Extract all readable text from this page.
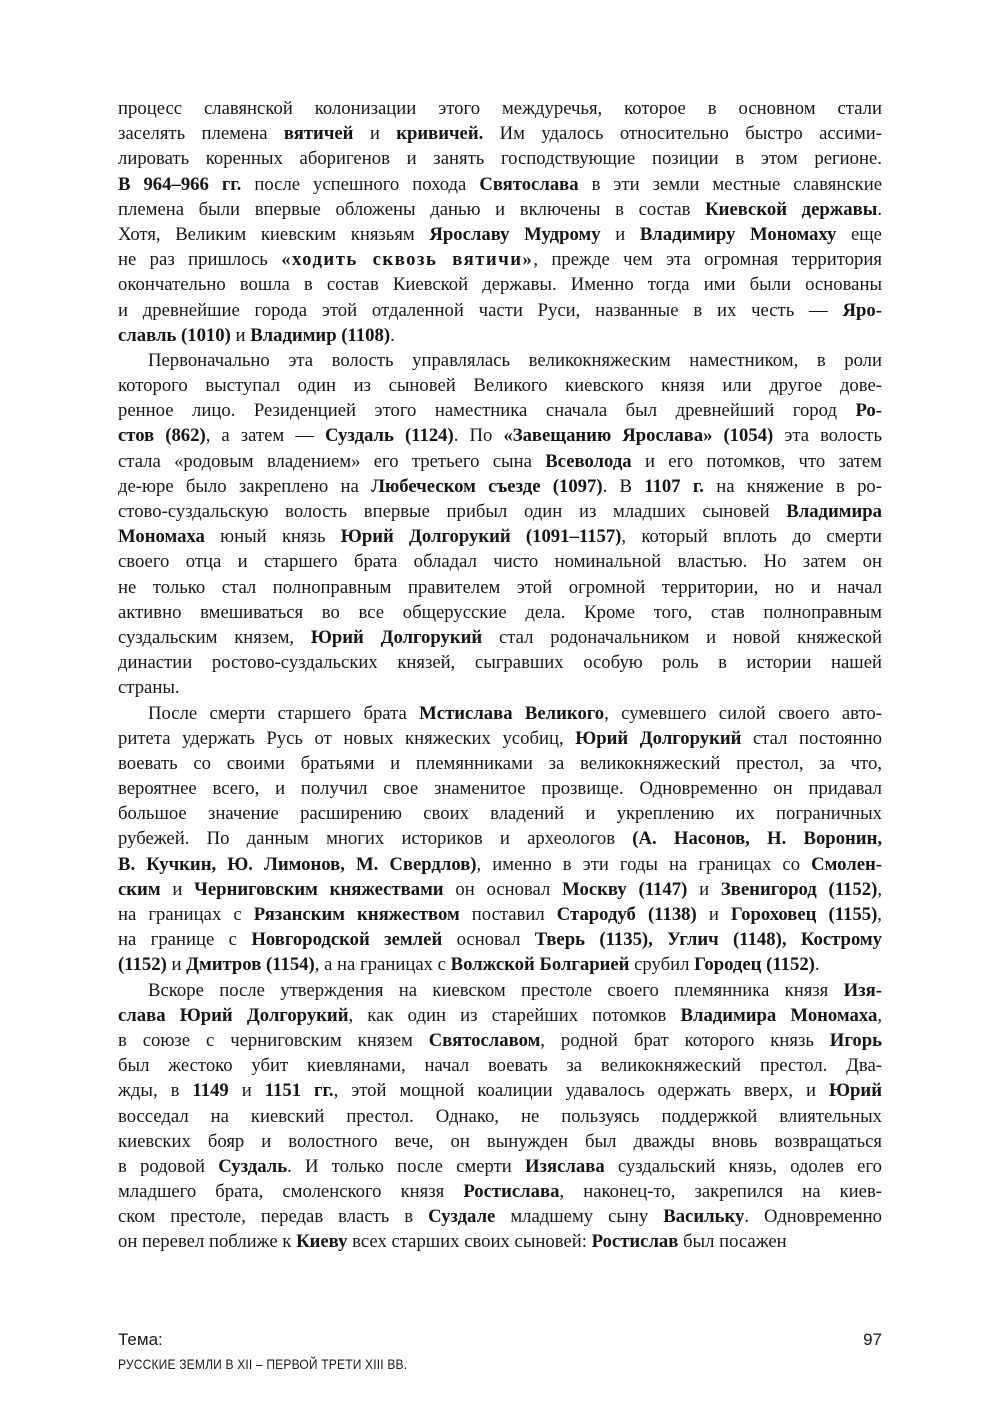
процесс славянской колонизации этого междуречья, которое в основном стали
заселять племена вятичей и кривичей. Им удалось относительно быстро ассими-
лировать коренных аборигенов и занять господствующие позиции в этом регионе.
В 964–966 гг. после успешного похода Святослава в эти земли местные славянские
племена были впервые обложены данью и включены в состав Киевской державы.
Хотя, Великим киевским князьям Ярославу Мудрому и Владимиру Мономаху еще
не раз пришлось «ходить сквозь вятичи», прежде чем эта огромная территория
окончательно вошла в состав Киевской державы. Именно тогда ими были основаны
и древнейшие города этой отдаленной части Руси, названные в их честь — Яро-
славль (1010) и Владимир (1108).
Первоначально эта волость управлялась великокняжеским наместником, в роли
которого выступал один из сыновей Великого киевского князя или другое дове-
ренное лицо. Резиденцией этого наместника сначала был древнейший город Ро-
стов (862), а затем — Суздаль (1124). По «Завещанию Ярослава» (1054) эта волость
стала «родовым владением» его третьего сына Всеволода и его потомков, что затем
де-юре было закреплено на Любеческом съезде (1097). В 1107 г. на княжение в ро-
стово-суздальскую волость впервые прибыл один из младших сыновей Владимира
Мономаха юный князь Юрий Долгорукий (1091–1157), который вплоть до смерти
своего отца и старшего брата обладал чисто номинальной властью. Но затем он
не только стал полноправным правителем этой огромной территории, но и начал
активно вмешиваться во все общерусские дела. Кроме того, став полноправным
суздальским князем, Юрий Долгорукий стал родоначальником и новой княжеской
династии ростово-суздальских князей, сыгравших особую роль в истории нашей
страны.
После смерти старшего брата Мстислава Великого, сумевшего силой своего авто-
ритета удержать Русь от новых княжеских усобиц, Юрий Долгорукий стал постоянно
воевать со своими братьями и племянниками за великокняжеский престол, за что,
вероятнее всего, и получил свое знаменитое прозвище. Одновременно он придавал
большое значение расширению своих владений и укреплению их пограничных
рубежей. По данным многих историков и археологов (А. Насонов, Н. Воронин,
В. Кучкин, Ю. Лимонов, М. Свердлов), именно в эти годы на границах со Смолен-
ским и Черниговским княжествами он основал Москву (1147) и Звенигород (1152),
на границах с Рязанским княжеством поставил Стародуб (1138) и Гороховец (1155),
на границе с Новгородской землей основал Тверь (1135), Углич (1148), Кострому
(1152) и Дмитров (1154), а на границах с Волжской Болгарией срубил Городец (1152).
Вскоре после утверждения на киевском престоле своего племянника князя Изя-
слава Юрий Долгорукий, как один из старейших потомков Владимира Мономаха,
в союзе с черниговским князем Святославом, родной брат которого князь Игорь
был жестоко убит киевлянами, начал воевать за великокняжеский престол. Два-
жды, в 1149 и 1151 гг., этой мощной коалиции удавалось одержать вверх, и Юрий
восседал на киевский престол. Однако, не пользуясь поддержкой влиятельных
киевских бояр и волостного вече, он вынужден был дважды вновь возвращаться
в родовой Суздаль. И только после смерти Изяслава суздальский князь, одолев его
младшего брата, смоленского князя Ростислава, наконец-то, закрепился на киев-
ском престоле, передав власть в Суздале младшему сыну Васильку. Одновременно
он перевел поближе к Киеву всех старших своих сыновей: Ростислав был посажен
Тема:
РУССКИЕ ЗЕМЛИ В XII – ПЕРВОЙ ТРЕТИ XIII ВВ.
97
